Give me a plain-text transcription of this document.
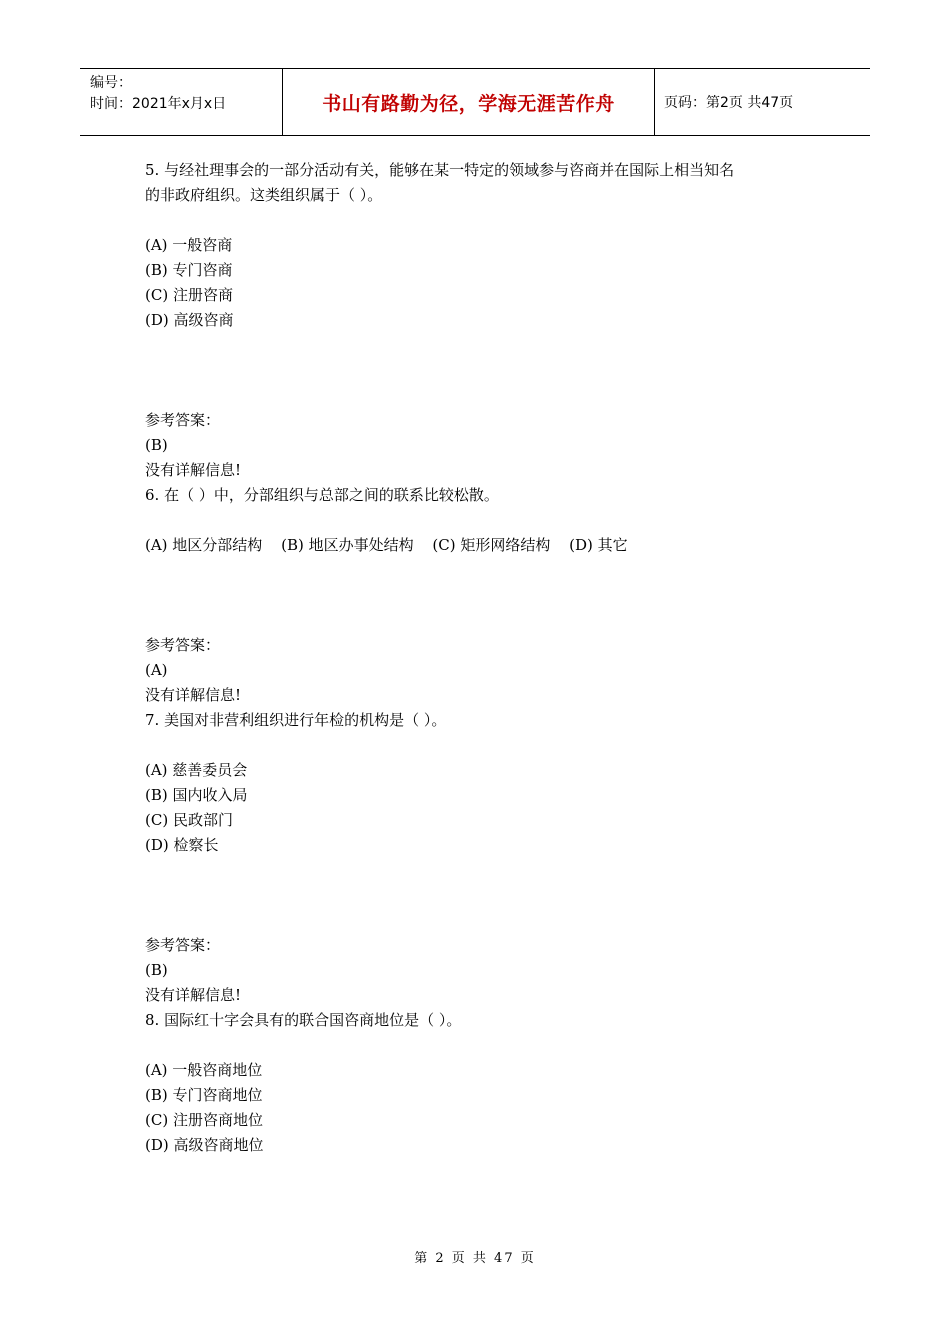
编号：
时间：2021年x月x日	书山有路勤为径，学海无涯苦作舟	页码：第2页 共47页
5. 与经社理事会的一部分活动有关，能够在某一特定的领域参与咨商并在国际上相当知名
的非政府组织。这类组织属于（ ）。
(A) 一般咨商
(B) 专门咨商
(C) 注册咨商
(D) 高级咨商
参考答案：
(B)
没有详解信息!
6. 在（ ）中，分部组织与总部之间的联系比较松散。
(A) 地区分部结构 (B) 地区办事处结构 (C) 矩形网络结构 (D) 其它
参考答案：
(A)
没有详解信息!
7. 美国对非营利组织进行年检的机构是（ ）。
(A) 慈善委员会
(B) 国内收入局
(C) 民政部门
(D) 检察长
参考答案：
(B)
没有详解信息!
8. 国际红十字会具有的联合国咨商地位是（ ）。
(A) 一般咨商地位
(B) 专门咨商地位
(C) 注册咨商地位
(D) 高级咨商地位
第 2 页 共 47 页
